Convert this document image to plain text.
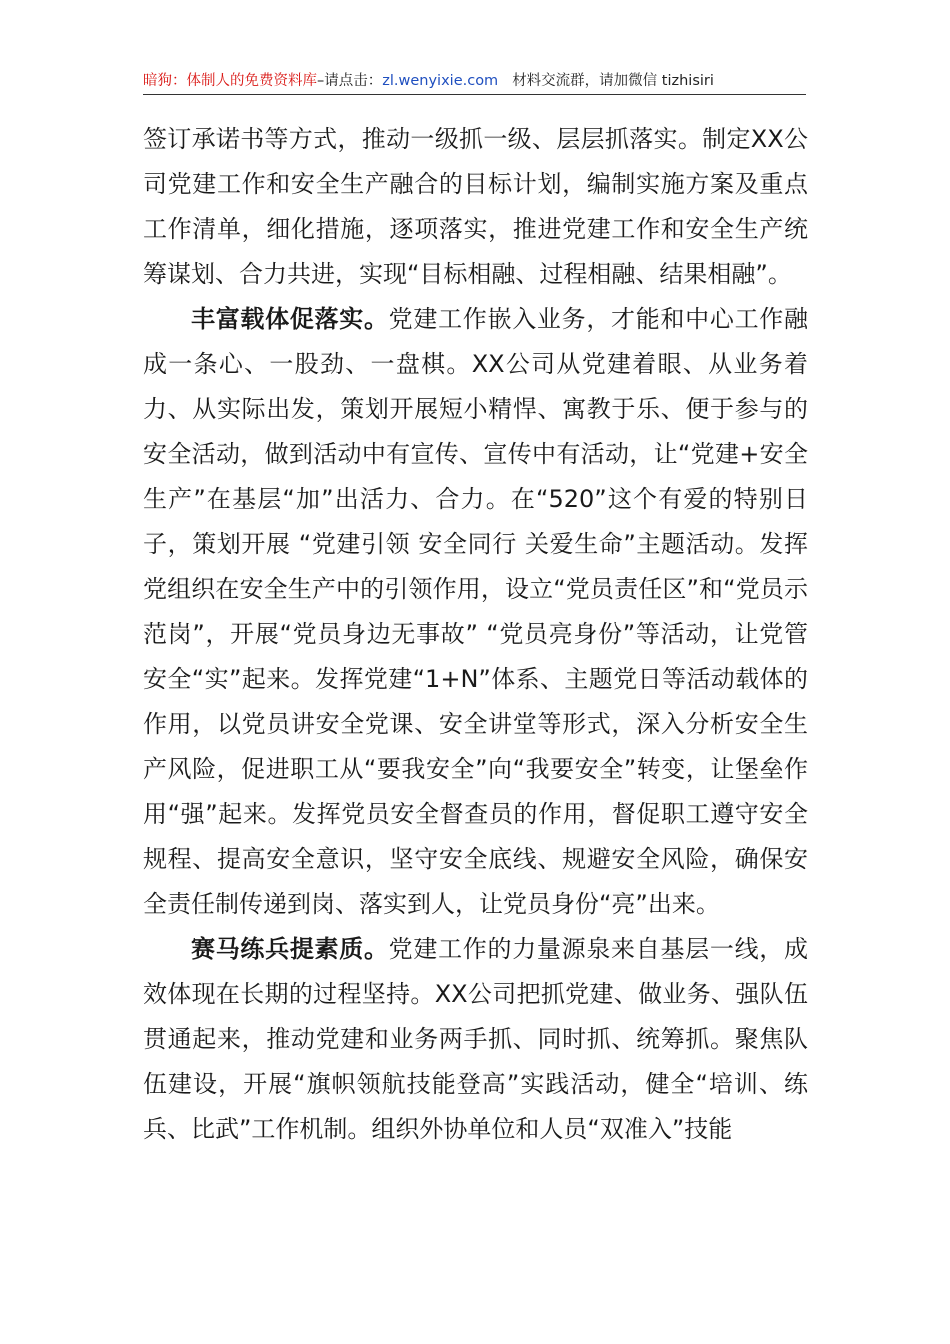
暗狗：体制人的免费资料库–请点击：zl.wenyixie.com 材料交流群，请加微信 tizhisiri

签订承诺书等方式，推动一级抓一级、层层抓落实。制定XX公司党建工作和安全生产融合的目标计划，编制实施方案及重点工作清单，细化措施，逐项落实，推进党建工作和安全生产统筹谋划、合力共进，实现“目标相融、过程相融、结果相融”。

丰富载体促落实。党建工作嵌入业务，才能和中心工作融成一条心、一股劲、一盘棋。XX公司从党建着眼、从业务着力、从实际出发，策划开展短小精悍、寓教于乐、便于参与的安全活动，做到活动中有宣传、宣传中有活动，让“党建+安全生产”在基层“加”出活力、合力。在“520”这个有爱的特别日子，策划开展 “党建引领 安全同行 关爱生命”主题活动。发挥党组织在安全生产中的引领作用，设立“党员责任区”和“党员示范岗”，开展“党员身边无事故” “党员亮身份”等活动，让党管安全“实”起来。发挥党建“1+N”体系、主题党日等活动载体的作用，以党员讲安全党课、安全讲堂等形式，深入分析安全生产风险，促进职工从“要我安全”向“我要安全”转变，让堡垒作用“强”起来。发挥党员安全督查员的作用，督促职工遵守安全规程、提高安全意识，坚守安全底线、规避安全风险，确保安全责任制传递到岗、落实到人，让党员身份“亮”出来。

赛马练兵提素质。党建工作的力量源泉来自基层一线，成效体现在长期的过程坚持。XX公司把抓党建、做业务、强队伍贯通起来，推动党建和业务两手抓、同时抓、统筹抓。聚焦队伍建设，开展“旗帜领航技能登高”实践活动，健全“培训、练兵、比武”工作机制。组织外协单位和人员“双准入”技能
